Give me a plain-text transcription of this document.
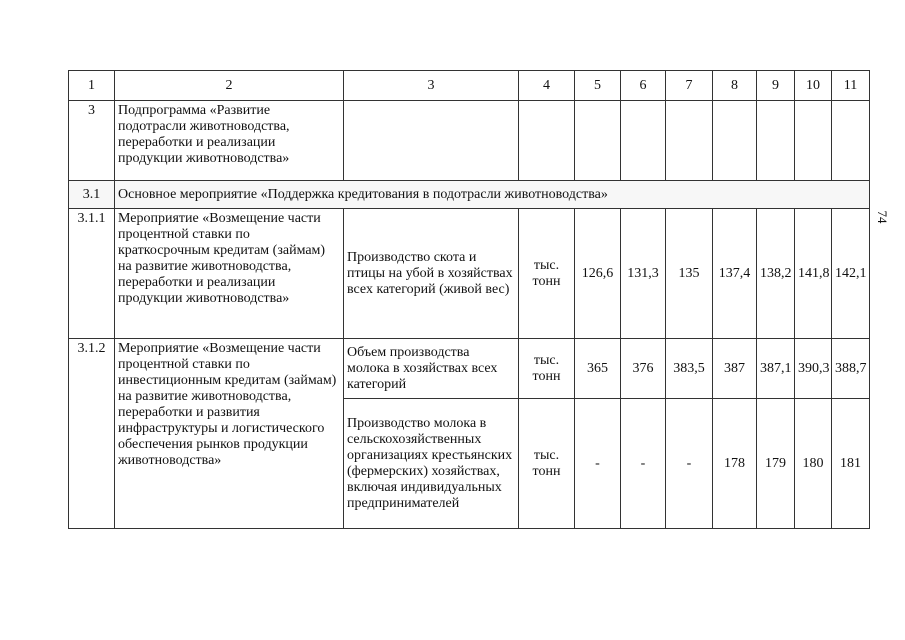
1	2	3	4	5	6	7	8	9	10	11
3	Подпрограмма «Развитие подотрасли животноводства, переработки и реализации продукции животноводства»									
3.1	Основное мероприятие «Поддержка кредитования в подотрасли животноводства»									
3.1.1	Мероприятие «Возмещение части процентной ставки по краткосрочным кредитам (займам) на развитие животноводства, переработки и реализации продукции животноводства»	Производство скота и птицы на убой в хозяйствах всех категорий (живой вес)	тыс. тонн	126,6	131,3	135	137,4	138,2	141,8	142,1
3.1.2	Мероприятие «Возмещение части процентной ставки по инвестиционным кредитам (займам) на развитие животноводства, переработки и развития инфраструктуры и логистического обеспечения рынков продукции животноводства»	Объем производства молока в хозяйствах всех категорий	тыс. тонн	365	376	383,5	387	387,1	390,3	388,7
		Производство молока в сельскохозяйственных организациях крестьянских (фермерских) хозяйствах, включая индивидуальных предпринимателей	тыс. тонн	-	-	-	178	179	180	181
74
